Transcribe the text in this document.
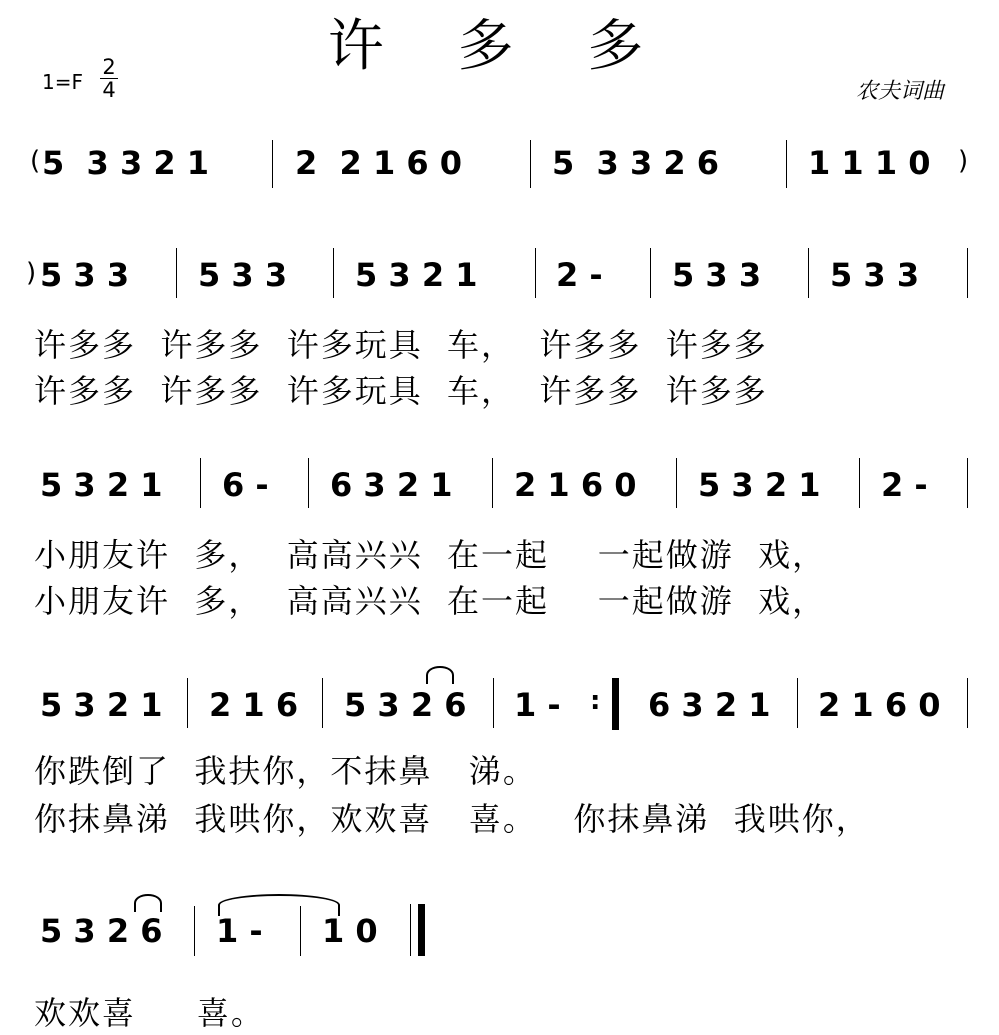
许 多 多
$1=F \frac{2}{4}$	农夫词曲
( 5  3 3 2 1	2  2 1 6 0	5  3 3 2 6	1 1 1 0 )
) 5 3 3 5 3 3 5 3 2 1 2 - 5 3 3 5 3 3
许多多  许多多  许多玩具  车，  许多多  许多多
许多多  许多多  许多玩具  车，  许多多  许多多
5 3 2 1 6 - 6 3 2 1 2 1 6 0 5 3 2 1 2 -
小朋友许  多，  高高兴兴  在一起    一起做游  戏，
小朋友许  多，  高高兴兴  在一起    一起做游  戏，
5 3 2 1 2 1 6 5 3 2 6 1 - : 6 3 2 1 2 1 6 0
你跌倒了  我扶你，不抹鼻   涕。
你抹鼻涕  我哄你，欢欢喜   喜。   你抹鼻涕  我哄你，
5 3 2 6 1 - 1 0
欢欢喜     喜。
